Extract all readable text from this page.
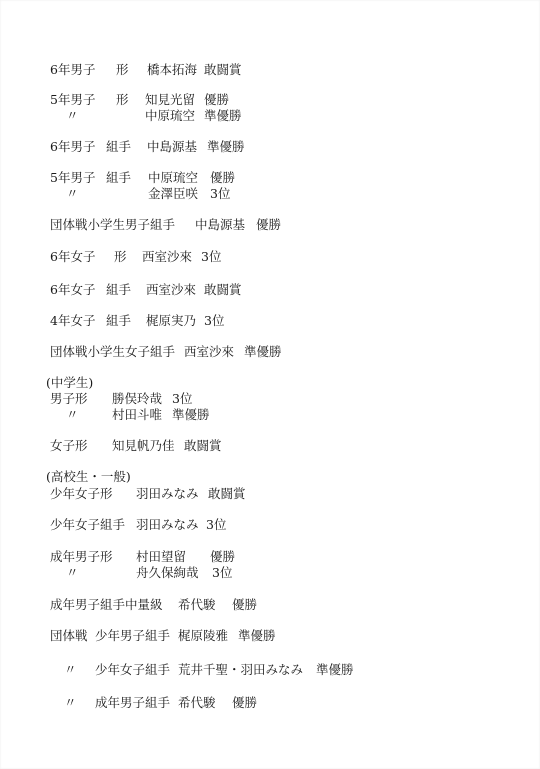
6年男子 形 橋本拓海 敢闘賞
5年男子 形 知見光留 優勝
〃	中原琉空 準優勝
6年男子 組手 中島源基 準優勝
5年男子 組手 中原琉空 優勝
〃	金澤臣咲 3位
団体戦小学生男子組手 中島源基 優勝
6年女子 形 西室沙來 3位
6年女子 組手 西室沙來 敢闘賞
4年女子 組手 梶原実乃 3位
団体戦小学生女子組手 西室沙來 準優勝
(中学生)
男子形 勝俣玲哉 3位
〃	村田斗唯 準優勝
女子形 知見帆乃佳 敢闘賞
(高校生・一般)
少年女子形 羽田みなみ 敢闘賞
少年女子組手 羽田みなみ 3位
成年男子形 村田望留 優勝
〃	舟久保絢哉 3位
成年男子組手中量級 希代駿 優勝
団体戦 少年男子組手 梶原陵雅 準優勝
〃 少年女子組手 荒井千聖・羽田みなみ 準優勝
〃 成年男子組手 希代駿 優勝
